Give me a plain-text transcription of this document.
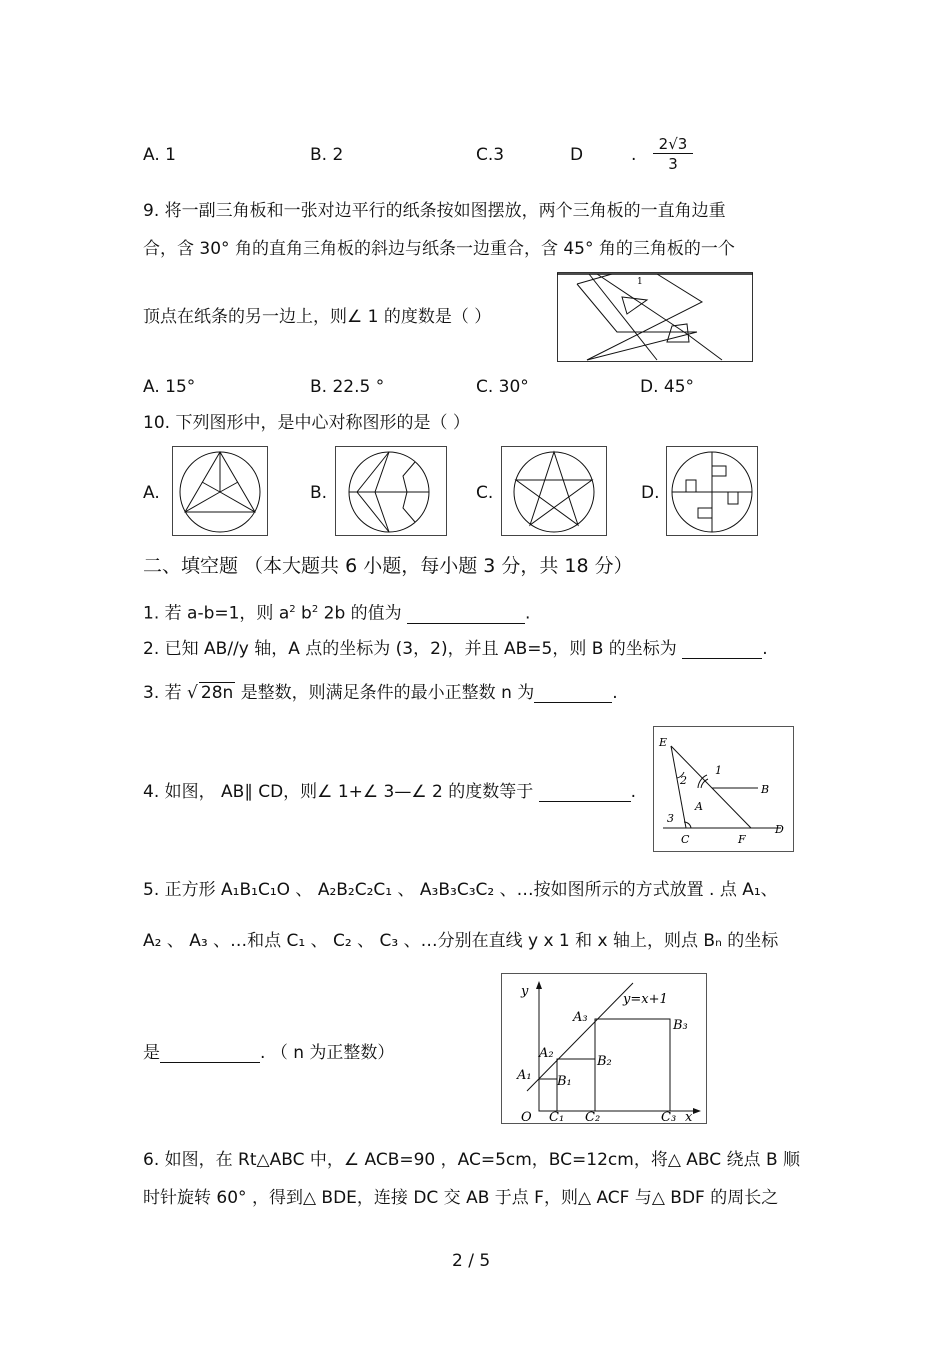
A. 1	B. 2	C.3	D	. $\frac{2√3}{3}$
9. 将一副三角板和一张对边平行的纸条按如图摆放，两个三角板的一直角边重
合，含 30° 角的直角三角板的斜边与纸条一边重合，含 45° 角的三角板的一个
顶点在纸条的另一边上，则∠ 1 的度数是（ ）
1
A. 15°	B. 22.5 °	C. 30°	D. 45°
10. 下列图形中，是中心对称图形的是（ ）
A.	B.	C.	D.
二、填空题 （本大题共 6 小题，每小题 3 分，共 18 分）
1. 若 a-b=1，则 $a^2$ $b^2$ 2b 的值为	.
2. 已知 AB//y 轴，A 点的坐标为 (3，2)，并且 AB=5，则 B 的坐标为	.
3. 若 √ 28n 是整数，则满足条件的最小正整数 n 为	.
4. 如图， AB∥ CD，则∠ 1+∠ 3—∠ 2 的度数等于	.
E
1
2
A
B
3
C	F
D
5. 正方形 A₁B₁C₁O 、 A₂B₂C₂C₁ 、 A₃B₃C₃C₂ 、…按如图所示的方式放置 . 点 A₁、
A₂ 、 A₃ 、…和点 C₁ 、 C₂ 、 C₃ 、…分别在直线 y x 1 和 x 轴上，则点 Bₙ 的坐标
是	. （ n 为正整数）
y
y=x+1
A₃
B₃
A₂
B₂
A₁ B₁
O C₁ C₂	C₃ x
6. 如图，在 Rt△ABC 中，∠ ACB=90 ，AC=5cm，BC=12cm，将△ ABC 绕点 B 顺
时针旋转 60° ，得到△ BDE，连接 DC 交 AB 于点 F，则△ ACF 与△ BDF 的周长之
2 / 5
